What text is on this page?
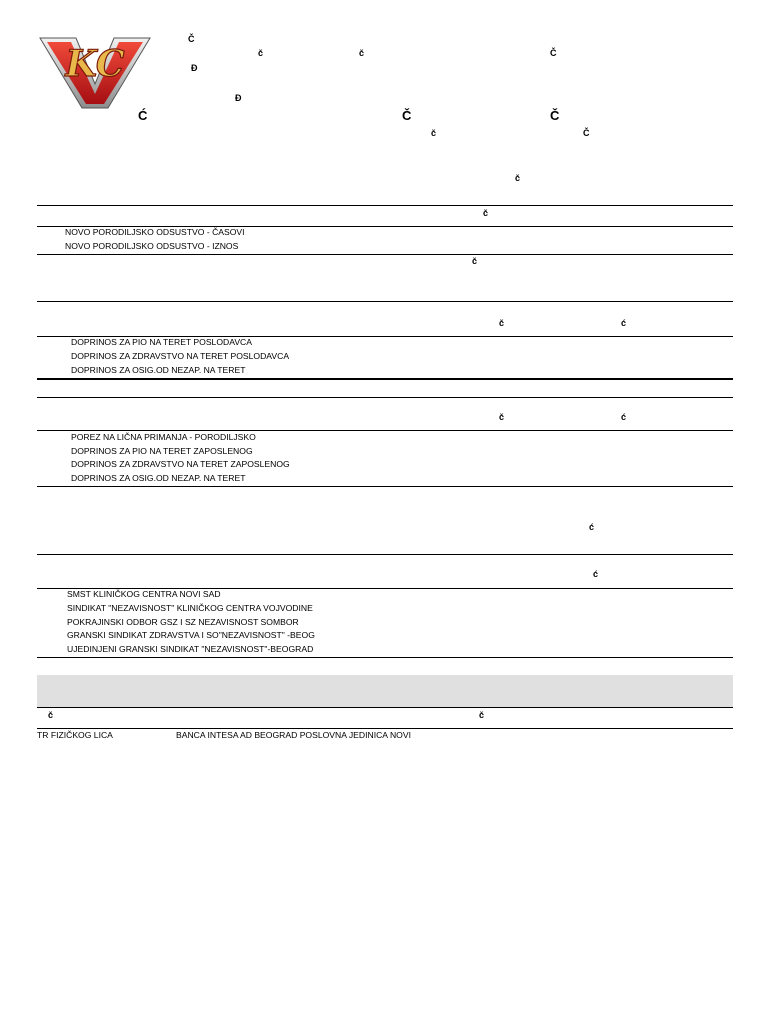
KC
Č
č	č	Č
Đ
Đ
Ć	Č	Č
č	Č
č
č
NOVO PORODILJSKO ODSUSTVO - ČASOVI
NOVO PORODILJSKO ODSUSTVO - IZNOS
č
č	ć
DOPRINOS ZA PIO NA TERET POSLODAVCA
DOPRINOS ZA ZDRAVSTVO NA TERET POSLODAVCA
DOPRINOS ZA OSIG.OD NEZAP. NA TERET
č	ć
POREZ NA LIČNA PRIMANJA - PORODILJSKO
DOPRINOS ZA PIO NA TERET ZAPOSLENOG
DOPRINOS ZA ZDRAVSTVO NA TERET ZAPOSLENOG
DOPRINOS ZA OSIG.OD NEZAP. NA TERET
ć
ć
SMST KLINIČKOG CENTRA NOVI SAD
SINDIKAT "NEZAVISNOST" KLINIČKOG CENTRA VOJVODINE
POKRAJINSKI ODBOR GSZ I SZ NEZAVISNOST SOMBOR
GRANSKI SINDIKAT ZDRAVSTVA I SO"NEZAVISNOST" -BEOG
UJEDINJENI GRANSKI SINDIKAT "NEZAVISNOST"-BEOGRAD
č	č
TR FIZIČKOG LICA	BANCA INTESA AD BEOGRAD POSLOVNA JEDINICA NOVI
